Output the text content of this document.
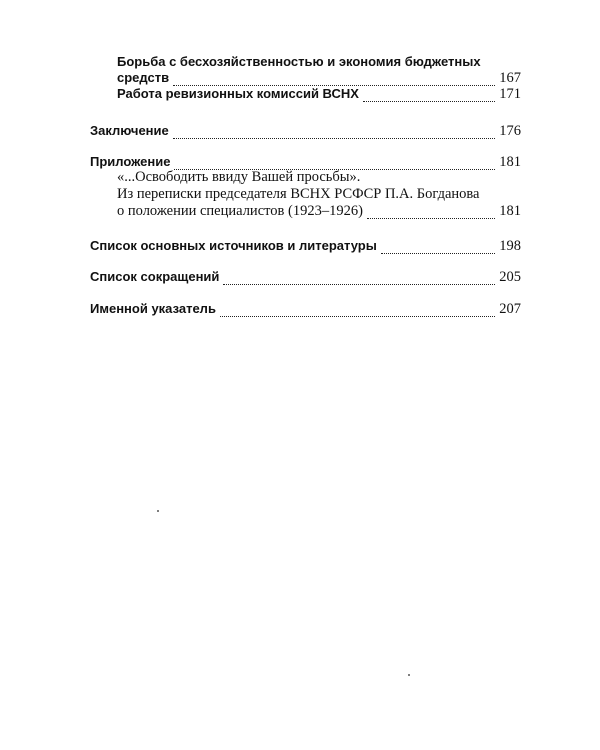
Борьба с бесхозяйственностью и экономия бюджетных
средств	167
Работа ревизионных комиссий ВСНХ	171
Заключение	176
Приложение	181
«...Освободить ввиду Вашей просьбы».
Из переписки председателя ВСНХ РСФСР П.А. Богданова
о положении специалистов (1923–1926)	181
Список основных источников и литературы	198
Список сокращений	205
Именной указатель	207
